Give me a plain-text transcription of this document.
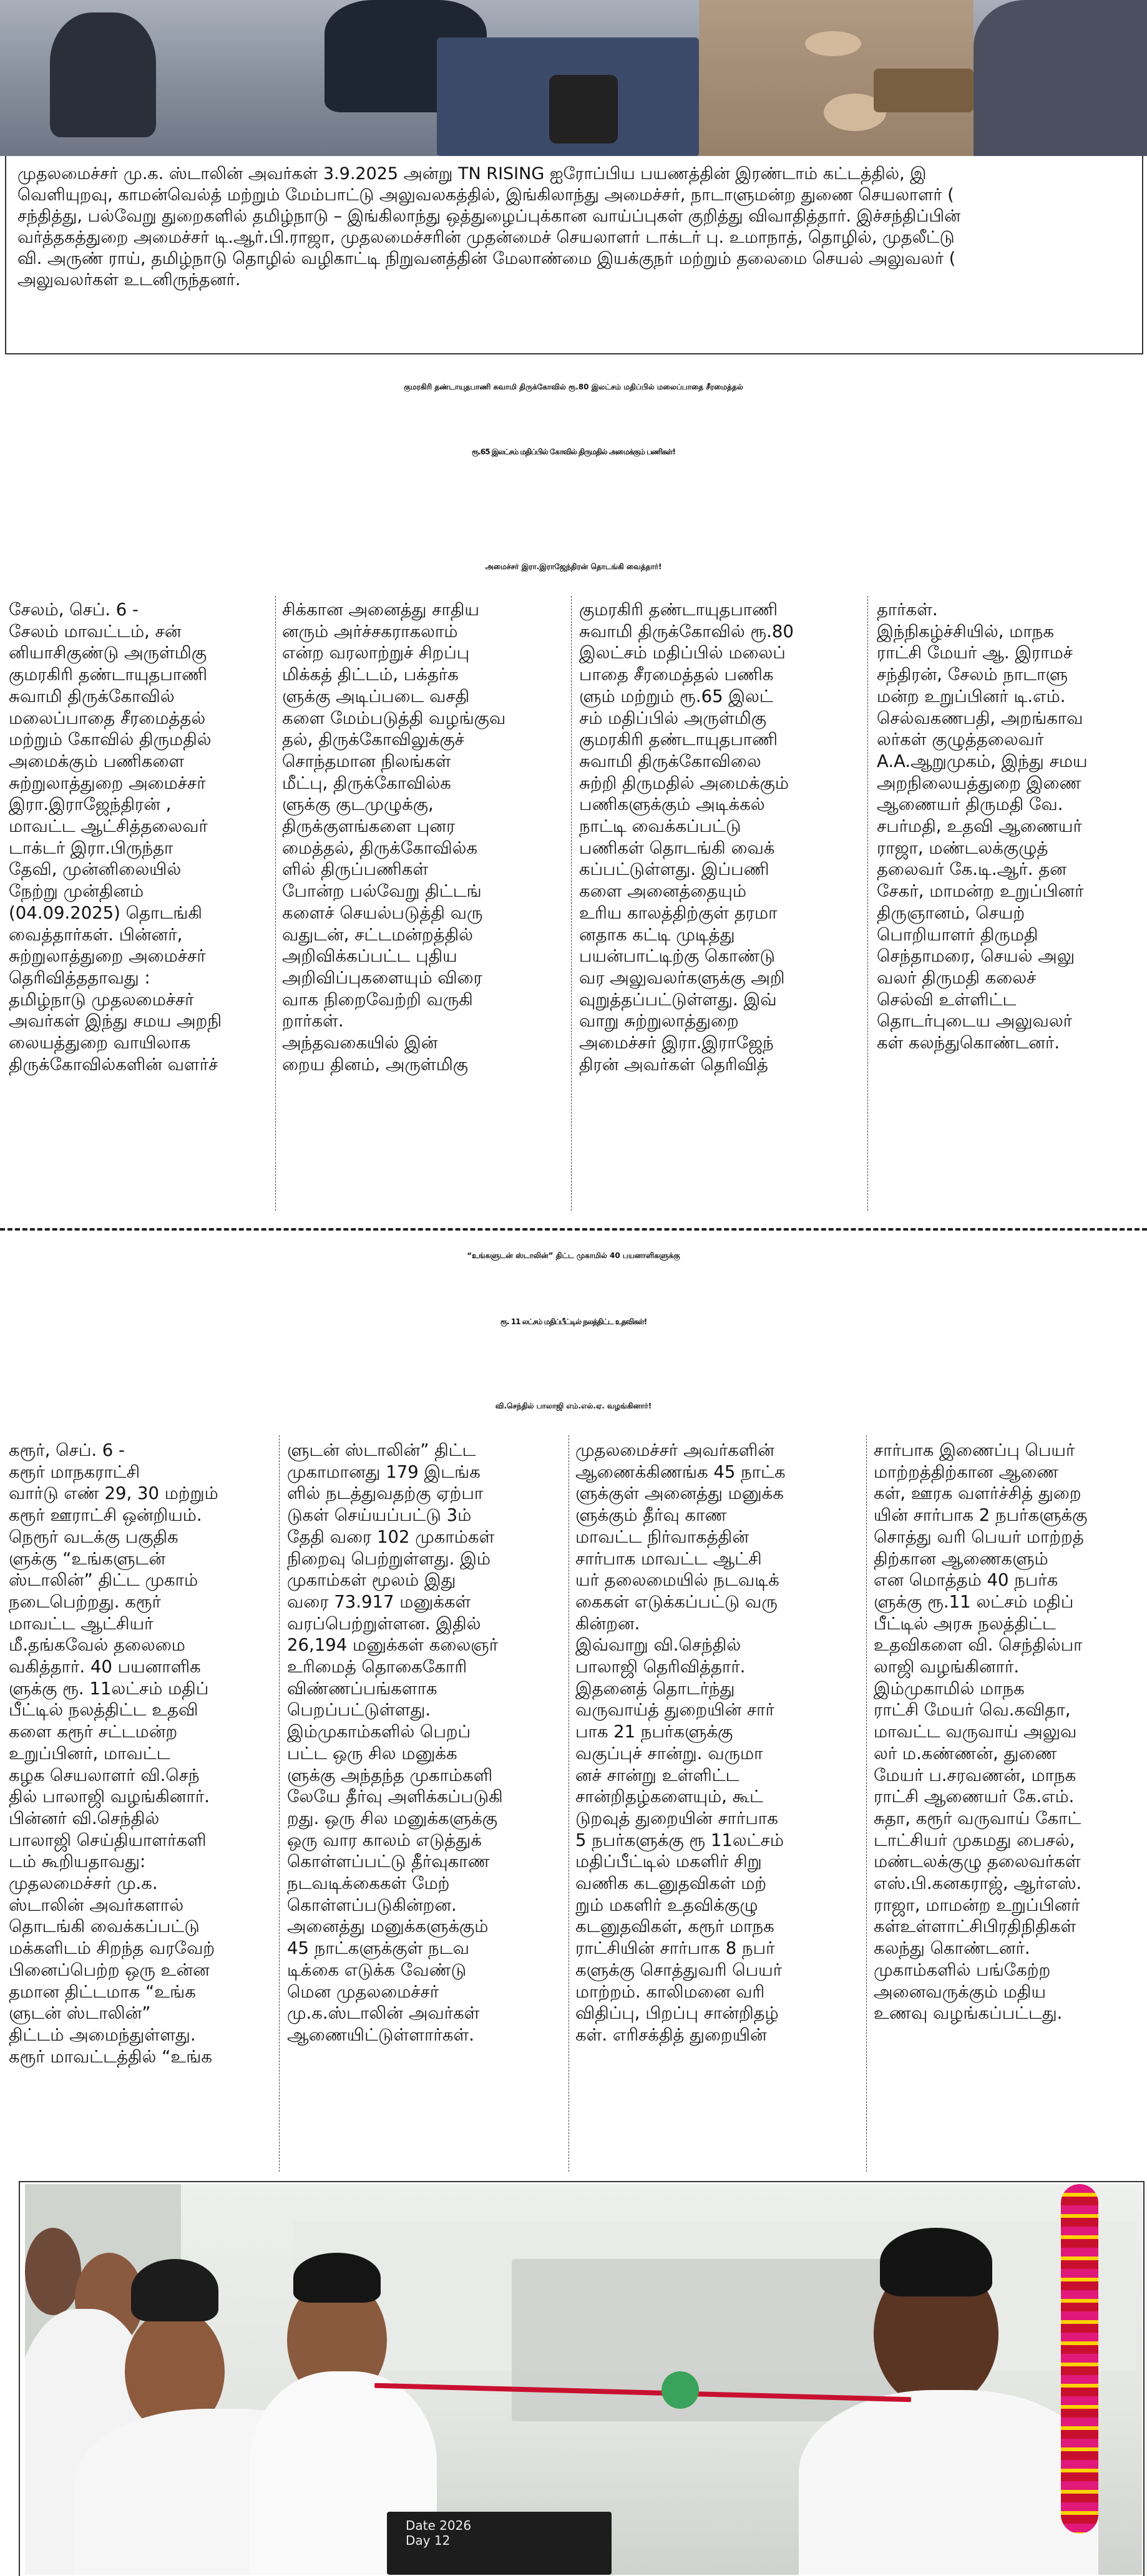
முதலமைச்சர் மு.க. ஸ்டாலின் அவர்கள் 3.9.2025 அன்று TN RISING ஐரோப்பிய பயணத்தின் இரண்டாம் கட்டத்தில், இ
வெளியுறவு, காமன்வெல்த் மற்றும் மேம்பாட்டு அலுவலகத்தில், இங்கிலாந்து அமைச்சர், நாடாளுமன்ற துணை செயலாளர் (
சந்தித்து, பல்வேறு துறைகளில் தமிழ்நாடு – இங்கிலாந்து ஒத்துழைப்புக்கான வாய்ப்புகள் குறித்து விவாதித்தார். இச்சந்திப்பின்
வர்த்தகத்துறை அமைச்சர் டி.ஆர்.பி.ராஜா, முதலமைச்சரின் முதன்மைச் செயலாளர் டாக்டர் பு. உமாநாத், தொழில், முதலீட்டு
வி. அருண் ராய், தமிழ்நாடு தொழில் வழிகாட்டி நிறுவனத்தின் மேலாண்மை இயக்குநர் மற்றும் தலைமை செயல் அலுவலர் (
அலுவலர்கள் உடனிருந்தனர்.
குமரகிரி தண்டாயுதபாணி சுவாமி திருக்கோவில் ரூ.80 இலட்சம் மதிப்பில் மலைப்பாதை சீரமைத்தல்
ரூ.65 இலட்சம் மதிப்பில் கோவில் திருமதில் அமைக்கும் பணிகள்!
அமைச்சர் இரா.இராஜேந்திரன் தொடங்கி வைத்தார்!
சேலம், செப். 6 -
சேலம் மாவட்டம், சன்
னியாசிகுண்டு அருள்மிகு
குமரகிரி தண்டாயுதபாணி
சுவாமி திருக்கோவில்
மலைப்பாதை சீரமைத்தல்
மற்றும் கோவில் திருமதில்
அமைக்கும் பணிகளை
சுற்றுலாத்துறை அமைச்சர்
இரா.இராஜேந்திரன் ,
மாவட்ட ஆட்சித்தலைவர்
டாக்டர் இரா.பிருந்தா
தேவி, முன்னிலையில்
நேற்று முன்தினம்
(04.09.2025) தொடங்கி
வைத்தார்கள். பின்னர்,
சுற்றுலாத்துறை அமைச்சர்
தெரிவித்ததாவது :
தமிழ்நாடு முதலமைச்சர்
அவர்கள் இந்து சமய அறநி
லையத்துறை வாயிலாக
திருக்கோவில்களின் வளர்ச்
சிக்கான அனைத்து சாதிய
னரும் அர்ச்சகராகலாம்
என்ற வரலாற்றுச் சிறப்பு
மிக்கத் திட்டம், பக்தர்க
ளுக்கு அடிப்படை வசதி
களை மேம்படுத்தி வழங்குவ
தல், திருக்கோவிலுக்குச்
சொந்தமான நிலங்கள்
மீட்பு, திருக்கோவில்க
ளுக்கு குடமுழுக்கு,
திருக்குளங்களை புனர
மைத்தல், திருக்கோவில்க
ளில் திருப்பணிகள்
போன்ற பல்வேறு திட்டங்
களைச் செயல்படுத்தி வரு
வதுடன், சட்டமன்றத்தில்
அறிவிக்கப்பட்ட புதிய
அறிவிப்புகளையும் விரை
வாக நிறைவேற்றி வருகி
றார்கள்.
அந்தவகையில் இன்
றைய தினம், அருள்மிகு
குமரகிரி தண்டாயுதபாணி
சுவாமி திருக்கோவில் ரூ.80
இலட்சம் மதிப்பில் மலைப்
பாதை சீரமைத்தல் பணிக
ளும் மற்றும் ரூ.65 இலட்
சம் மதிப்பில் அருள்மிகு
குமரகிரி தண்டாயுதபாணி
சுவாமி திருக்கோவிலை
சுற்றி திருமதில் அமைக்கும்
பணிகளுக்கும் அடிக்கல்
நாட்டி வைக்கப்பட்டு
பணிகள் தொடங்கி வைக்
கப்பட்டுள்ளது. இப்பணி
களை அனைத்தையும்
உரிய காலத்திற்குள் தரமா
னதாக கட்டி முடித்து
பயன்பாட்டிற்கு கொண்டு
வர அலுவலர்களுக்கு அறி
வுறுத்தப்பட்டுள்ளது. இவ்
வாறு சுற்றுலாத்துறை
அமைச்சர் இரா.இராஜேந்
திரன் அவர்கள் தெரிவித்
தார்கள்.
இந்நிகழ்ச்சியில், மாநக
ராட்சி மேயர் ஆ. இராமச்
சந்திரன், சேலம் நாடாளு
மன்ற உறுப்பினர் டி.எம்.
செல்வகணபதி, அறங்காவ
லர்கள் குழுத்தலைவர்
A.A.ஆறுமுகம், இந்து சமய
அறநிலையத்துறை இணை
ஆணையர் திருமதி வே.
சபர்மதி, உதவி ஆணையர்
ராஜா, மண்டலக்குழுத்
தலைவர் கே.டி.ஆர். தன
சேகர், மாமன்ற உறுப்பினர்
திருஞானம், செயற்
பொறியாளர் திருமதி
செந்தாமரை, செயல் அலு
வலர் திருமதி கலைச்
செல்வி உள்ளிட்ட
தொடர்புடைய அலுவலர்
கள் கலந்துகொண்டனர்.
“உங்களுடன் ஸ்டாலின்” திட்ட முகாமில் 40 பயனாளிகளுக்கு
ரூ. 11 லட்சம் மதிப்பீட்டில் நலத்திட்ட உதவிகள்!
வி.செந்தில் பாலாஜி எம்.எல்.ஏ. வழங்கினார்!
கரூர், செப். 6 -
கரூர் மாநகராட்சி
வார்டு எண் 29, 30 மற்றும்
கரூர் ஊராட்சி ஒன்றியம்.
நெரூர் வடக்கு பகுதிக
ளுக்கு “உங்களுடன்
ஸ்டாலின்” திட்ட முகாம்
நடைபெற்றது. கரூர்
மாவட்ட ஆட்சியர்
மீ.தங்கவேல் தலைமை
வகித்தார். 40 பயனாளிக
ளுக்கு ரூ. 11லட்சம் மதிப்
பீட்டில் நலத்திட்ட உதவி
களை கரூர் சட்டமன்ற
உறுப்பினர், மாவட்ட
கழக செயலாளர் வி.செந்
தில் பாலாஜி வழங்கினார்.
பின்னர் வி.செந்தில்
பாலாஜி செய்தியாளர்களி
டம் கூறியதாவது:
முதலமைச்சர் மு.க.
ஸ்டாலின் அவர்களால்
தொடங்கி வைக்கப்பட்டு
மக்களிடம் சிறந்த வரவேற்
பினைப்பெற்ற ஒரு உன்ன
தமான திட்டமாக “உங்க
ளுடன் ஸ்டாலின்”
திட்டம் அமைந்துள்ளது.
கரூர் மாவட்டத்தில் “உங்க
ளுடன் ஸ்டாலின்” திட்ட
முகாமானது 179 இடங்க
ளில் நடத்துவதற்கு ஏற்பா
டுகள் செய்யப்பட்டு 3ம்
தேதி வரை 102 முகாம்கள்
நிறைவு பெற்றுள்ளது. இம்
முகாம்கள் மூலம் இது
வரை 73.917 மனுக்கள்
வரப்பெற்றுள்ளன. இதில்
26,194 மனுக்கள் கலைஞர்
உரிமைத் தொகைகோரி
விண்ணப்பங்களாக
பெறப்பட்டுள்ளது.
இம்முகாம்களில் பெறப்
பட்ட ஒரு சில மனுக்க
ளுக்கு அந்தந்த முகாம்களி
லேயே தீர்வு அளிக்கப்படுகி
றது. ஒரு சில மனுக்களுக்கு
ஒரு வார காலம் எடுத்துக்
கொள்ளப்பட்டு தீர்வுகாண
நடவடிக்கைகள் மேற்
கொள்ளப்படுகின்றன.
அனைத்து மனுக்களுக்கும்
45 நாட்களுக்குள் நடவ
டிக்கை எடுக்க வேண்டு
மென முதலமைச்சர்
மு.க.ஸ்டாலின் அவர்கள்
ஆணையிட்டுள்ளார்கள்.
முதலமைச்சர் அவர்களின்
ஆணைக்கிணங்க 45 நாட்க
ளுக்குள் அனைத்து மனுக்க
ளுக்கும் தீர்வு காண
மாவட்ட நிர்வாகத்தின்
சார்பாக மாவட்ட ஆட்சி
யர் தலைமையில் நடவடிக்
கைகள் எடுக்கப்பட்டு வரு
கின்றன.
இவ்வாறு வி.செந்தில்
பாலாஜி தெரிவித்தார்.
இதனைத் தொடர்ந்து
வருவாய்த் துறையின் சார்
பாக 21 நபர்களுக்கு
வகுப்புச் சான்று. வருமா
னச் சான்று உள்ளிட்ட
சான்றிதழ்களையும், கூட்
டுறவுத் துறையின் சார்பாக
5 நபர்களுக்கு ரூ 11லட்சம்
மதிப்பீட்டில் மகளிர் சிறு
வணிக கடனுதவிகள் மற்
றும் மகளிர் உதவிக்குழு
கடனுதவிகள், கரூர் மாநக
ராட்சியின் சார்பாக 8 நபர்
களுக்கு சொத்துவரி பெயர்
மாற்றம். காலிமனை வரி
விதிப்பு, பிறப்பு சான்றிதழ்
கள். எரிசக்தித் துறையின்
சார்பாக இணைப்பு பெயர்
மாற்றத்திற்கான ஆணை
கள், ஊரக வளர்ச்சித் துறை
யின் சார்பாக 2 நபர்களுக்கு
சொத்து வரி பெயர் மாற்றத்
திற்கான ஆணைகளும்
என மொத்தம் 40 நபர்க
ளுக்கு ரூ.11 லட்சம் மதிப்
பீட்டில் அரசு நலத்திட்ட
உதவிகளை வி. செந்தில்பா
லாஜி வழங்கினார்.
இம்முகாமில் மாநக
ராட்சி மேயர் வெ.கவிதா,
மாவட்ட வருவாய் அலுவ
லர் ம.கண்ணன், துணை
மேயர் ப.சரவணன், மாநக
ராட்சி ஆணையர் கே.எம்.
சுதா, கரூர் வருவாய் கோட்
டாட்சியர் முகமது பைசல்,
மண்டலக்குழு தலைவர்கள்
எஸ்.பி.கனகராஜ், ஆர்எஸ்.
ராஜா, மாமன்ற உறுப்பினர்
கள்உள்ளாட்சிபிரதிநிதிகள்
கலந்து கொண்டனர்.
முகாம்களில் பங்கேற்ற
அனைவருக்கும் மதிய
உணவு வழங்கப்பட்டது.
Date 2026
Day 12
